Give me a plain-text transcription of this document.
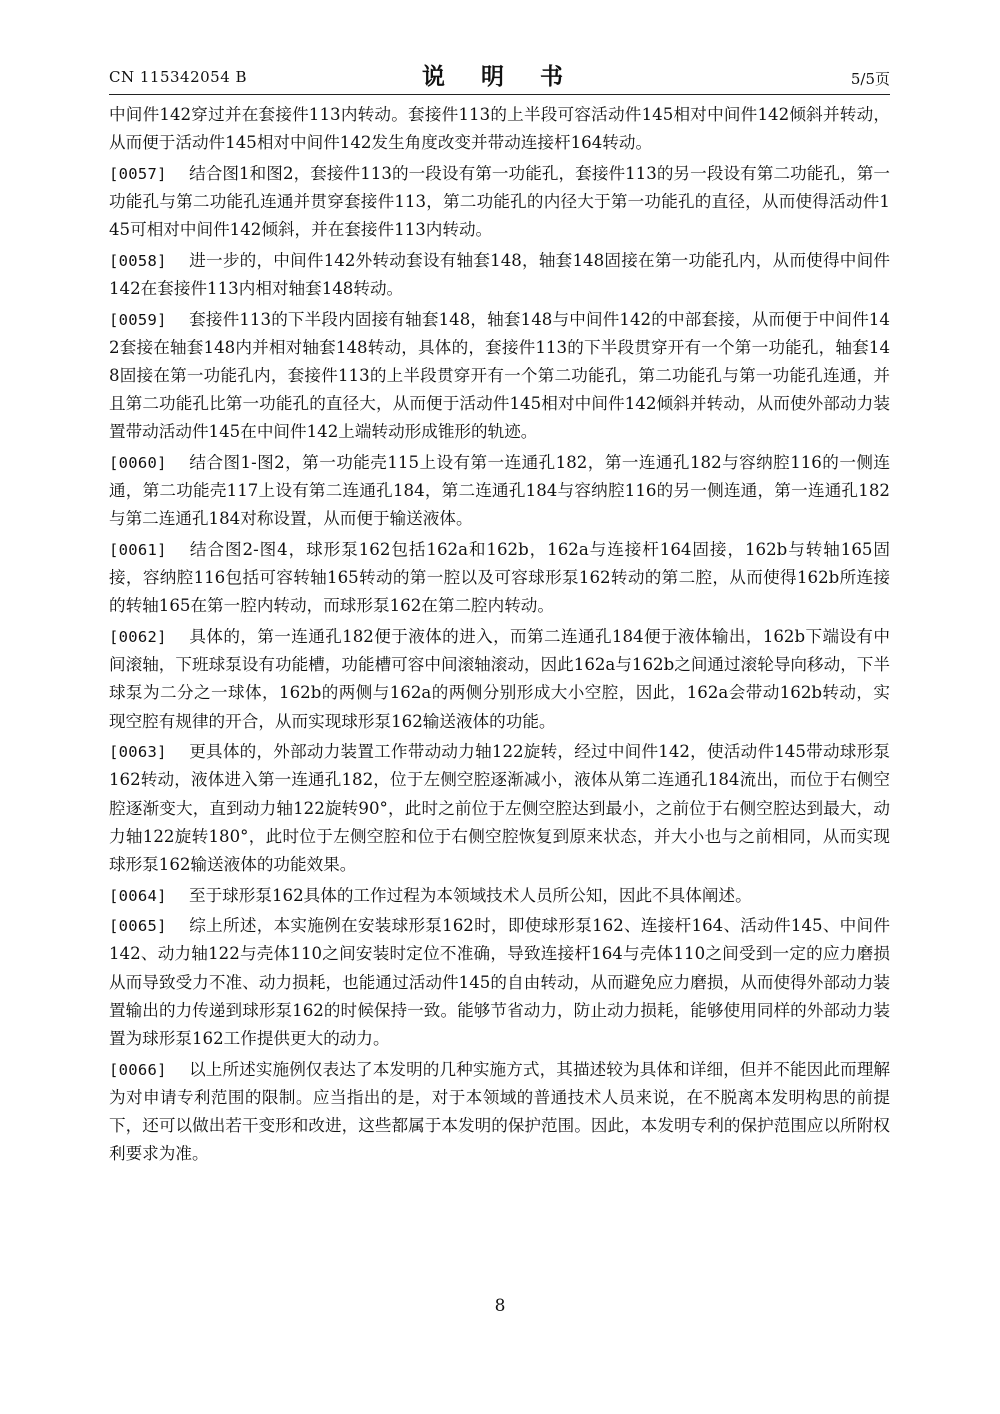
CN 115342054 B	说 明 书	5/5页

中间件142穿过并在套接件113内转动。套接件113的上半段可容活动件145相对中间件142倾斜并转动，从而便于活动件145相对中间件142发生角度改变并带动连接杆164转动。

[0057] 结合图1和图2，套接件113的一段设有第一功能孔，套接件113的另一段设有第二功能孔，第一功能孔与第二功能孔连通并贯穿套接件113，第二功能孔的内径大于第一功能孔的直径，从而使得活动件145可相对中间件142倾斜，并在套接件113内转动。

[0058] 进一步的，中间件142外转动套设有轴套148，轴套148固接在第一功能孔内，从而使得中间件142在套接件113内相对轴套148转动。

[0059] 套接件113的下半段内固接有轴套148，轴套148与中间件142的中部套接，从而便于中间件142套接在轴套148内并相对轴套148转动，具体的，套接件113的下半段贯穿开有一个第一功能孔，轴套148固接在第一功能孔内，套接件113的上半段贯穿开有一个第二功能孔，第二功能孔与第一功能孔连通，并且第二功能孔比第一功能孔的直径大，从而便于活动件145相对中间件142倾斜并转动，从而使外部动力装置带动活动件145在中间件142上端转动形成锥形的轨迹。

[0060] 结合图1-图2，第一功能壳115上设有第一连通孔182，第一连通孔182与容纳腔116的一侧连通，第二功能壳117上设有第二连通孔184，第二连通孔184与容纳腔116的另一侧连通，第一连通孔182与第二连通孔184对称设置，从而便于输送液体。

[0061] 结合图2-图4，球形泵162包括162a和162b，162a与连接杆164固接，162b与转轴165固接，容纳腔116包括可容转轴165转动的第一腔以及可容球形泵162转动的第二腔，从而使得162b所连接的转轴165在第一腔内转动，而球形泵162在第二腔内转动。

[0062] 具体的，第一连通孔182便于液体的进入，而第二连通孔184便于液体输出，162b下端设有中间滚轴，下班球泵设有功能槽，功能槽可容中间滚轴滚动，因此162a与162b之间通过滚轮导向移动，下半球泵为二分之一球体，162b的两侧与162a的两侧分别形成大小空腔，因此，162a会带动162b转动，实现空腔有规律的开合，从而实现球形泵162输送液体的功能。

[0063] 更具体的，外部动力装置工作带动动力轴122旋转，经过中间件142，使活动件145带动球形泵162转动，液体进入第一连通孔182，位于左侧空腔逐渐减小，液体从第二连通孔184流出，而位于右侧空腔逐渐变大，直到动力轴122旋转90°，此时之前位于左侧空腔达到最小，之前位于右侧空腔达到最大，动力轴122旋转180°，此时位于左侧空腔和位于右侧空腔恢复到原来状态，并大小也与之前相同，从而实现球形泵162输送液体的功能效果。

[0064] 至于球形泵162具体的工作过程为本领域技术人员所公知，因此不具体阐述。

[0065] 综上所述，本实施例在安装球形泵162时，即使球形泵162、连接杆164、活动件145、中间件142、动力轴122与壳体110之间安装时定位不准确，导致连接杆164与壳体110之间受到一定的应力磨损从而导致受力不准、动力损耗，也能通过活动件145的自由转动，从而避免应力磨损，从而使得外部动力装置输出的力传递到球形泵162的时候保持一致。能够节省动力，防止动力损耗，能够使用同样的外部动力装置为球形泵162工作提供更大的动力。

[0066] 以上所述实施例仅表达了本发明的几种实施方式，其描述较为具体和详细，但并不能因此而理解为对申请专利范围的限制。应当指出的是，对于本领域的普通技术人员来说，在不脱离本发明构思的前提下，还可以做出若干变形和改进，这些都属于本发明的保护范围。因此，本发明专利的保护范围应以所附权利要求为准。

8
